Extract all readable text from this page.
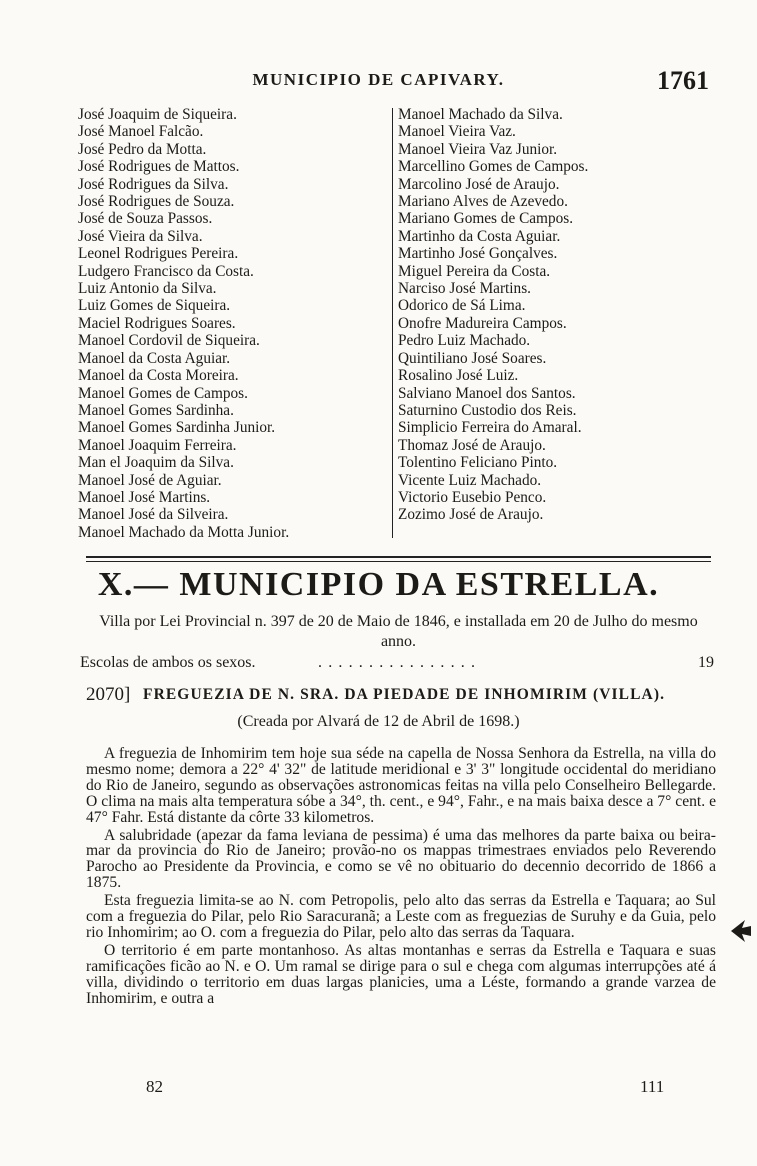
MUNICIPIO DE CAPIVARY.	1761
José Joaquim de Siqueira.
José Manoel Falcão.
José Pedro da Motta.
José Rodrigues de Mattos.
José Rodrigues da Silva.
José Rodrigues de Souza.
José de Souza Passos.
José Vieira da Silva.
Leonel Rodrigues Pereira.
Ludgero Francisco da Costa.
Luiz Antonio da Silva.
Luiz Gomes de Siqueira.
Maciel Rodrigues Soares.
Manoel Cordovil de Siqueira.
Manoel da Costa Aguiar.
Manoel da Costa Moreira.
Manoel Gomes de Campos.
Manoel Gomes Sardinha.
Manoel Gomes Sardinha Junior.
Manoel Joaquim Ferreira.
Man el Joaquim da Silva.
Manoel José de Aguiar.
Manoel José Martins.
Manoel José da Silveira.
Manoel Machado da Motta Junior.
Manoel Machado da Silva.
Manoel Vieira Vaz.
Manoel Vieira Vaz Junior.
Marcellino Gomes de Campos.
Marcolino José de Araujo.
Mariano Alves de Azevedo.
Mariano Gomes de Campos.
Martinho da Costa Aguiar.
Martinho José Gonçalves.
Miguel Pereira da Costa.
Narciso José Martins.
Odorico de Sá Lima.
Onofre Madureira Campos.
Pedro Luiz Machado.
Quintiliano José Soares.
Rosalino José Luiz.
Salviano Manoel dos Santos.
Saturnino Custodio dos Reis.
Simplicio Ferreira do Amaral.
Thomaz José de Araujo.
Tolentino Feliciano Pinto.
Vicente Luiz Machado.
Victorio Eusebio Penco.
Zozimo José de Araujo.
X.— MUNICIPIO DA ESTRELLA.
Villa por Lei Provincial n. 397 de 20 de Maio de 1846, e installada em 20 de Julho do mesmo anno.
Escolas de ambos os sexos.	................	19
2070] FREGUEZIA DE N. SRA. DA PIEDADE DE INHOMIRIM (VILLA).
(Creada por Alvará de 12 de Abril de 1698.)

A freguezia de Inhomirim tem hoje sua séde na capella de Nossa Senhora da Estrella, na villa do mesmo nome; demora a 22° 4' 32" de latitude meridional e 3' 3" longitude occidental do meridiano do Rio de Janeiro, segundo as observações astronomicas feitas na villa pelo Conselheiro Bellegarde. O clima na mais alta temperatura sóbe a 34°, th. cent., e 94°, Fahr., e na mais baixa desce a 7° cent. e 47° Fahr. Está distante da côrte 33 kilometros.

A salubridade (apezar da fama leviana de pessima) é uma das melhores da parte baixa ou beira-mar da provincia do Rio de Janeiro; provão-no os mappas trimestraes enviados pelo Reverendo Parocho ao Presidente da Provincia, e como se vê no obituario do decennio decorrido de 1866 a 1875.

Esta freguezia limita-se ao N. com Petropolis, pelo alto das serras da Estrella e Taquara; ao Sul com a freguezia do Pilar, pelo Rio Saracuranã; a Leste com as freguezias de Suruhy e da Guia, pelo rio Inhomirim; ao O. com a freguezia do Pilar, pelo alto das serras da Taquara.

O territorio é em parte montanhoso. As altas montanhas e serras da Estrella e Taquara e suas ramificações ficão ao N. e O. Um ramal se dirige para o sul e chega com algumas interrupções até á villa, dividindo o territorio em duas largas planicies, uma a Léste, formando a grande varzea de Inhomirim, e outra a

82	111
